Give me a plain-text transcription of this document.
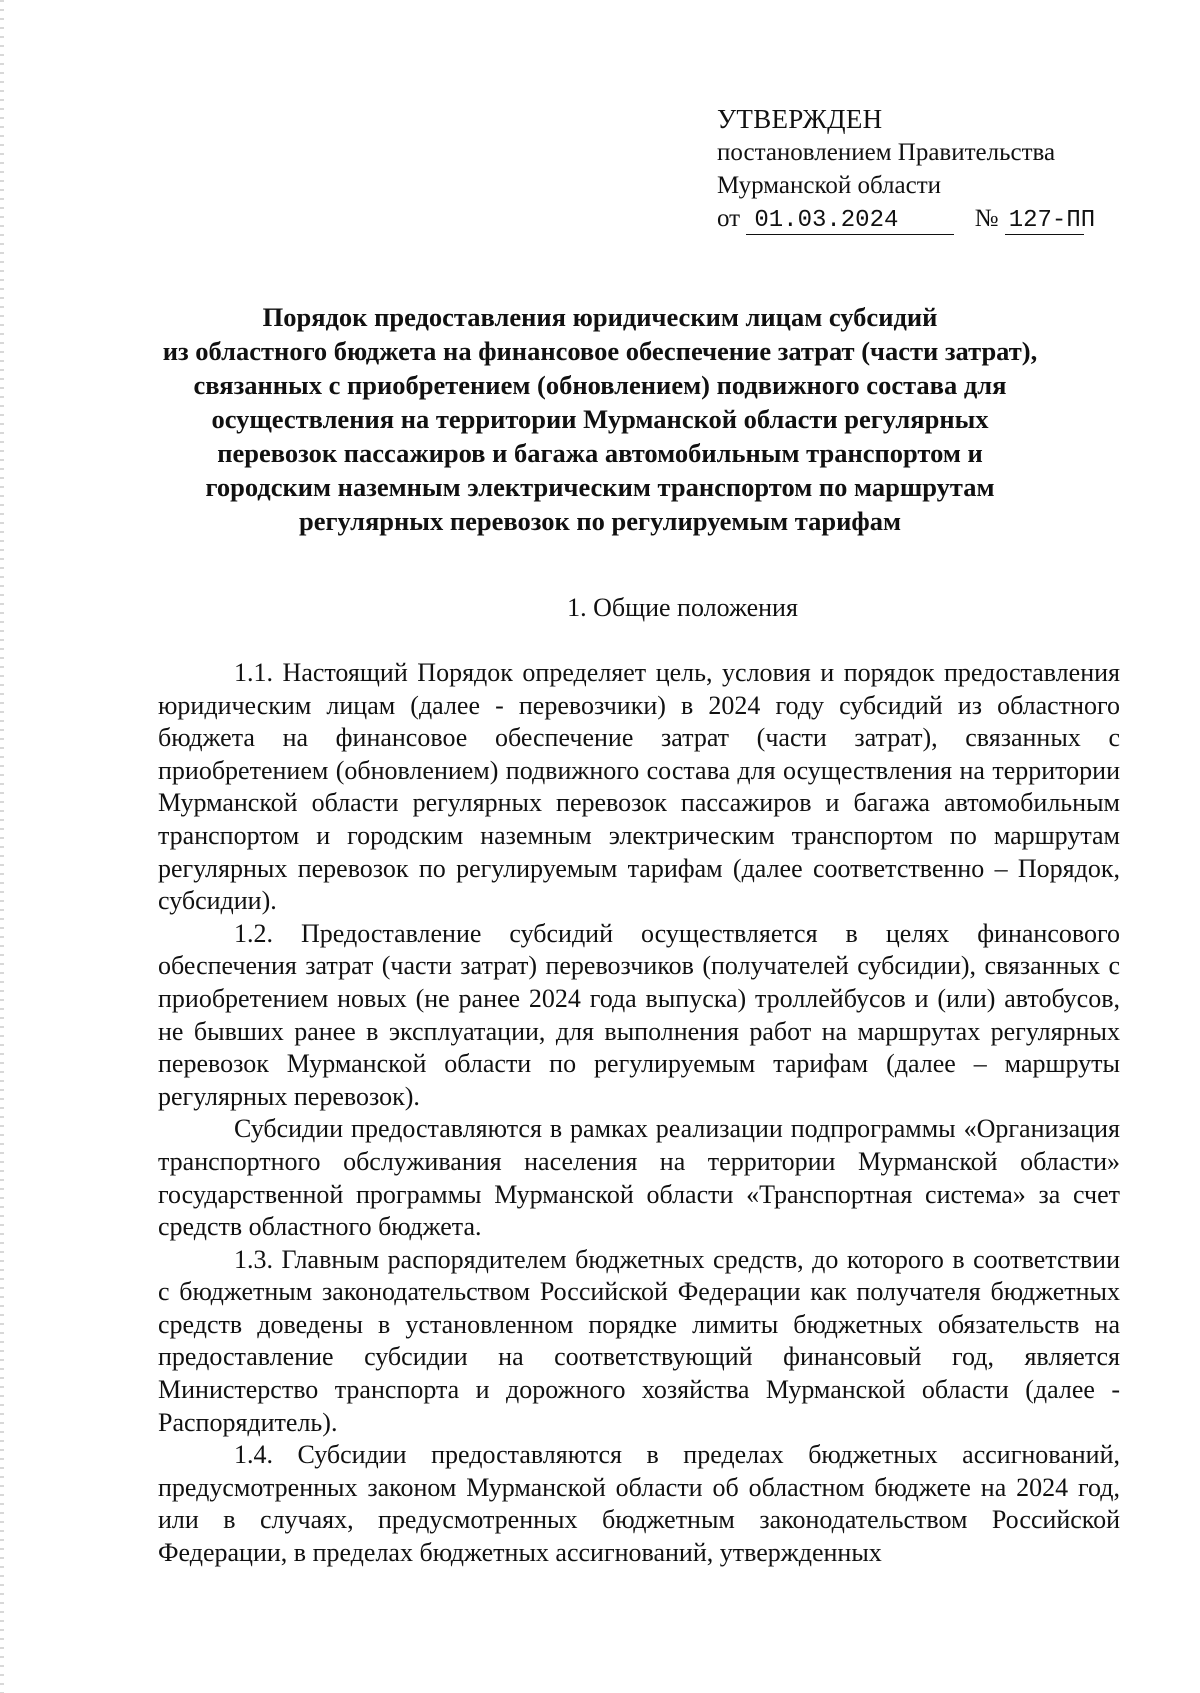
УТВЕРЖДЕН
постановлением Правительства
Мурманской области
от 01.03.2024	№ 127-ПП
Порядок предоставления юридическим лицам субсидий
из областного бюджета на финансовое обеспечение затрат (части затрат),
связанных с приобретением (обновлением) подвижного состава для
осуществления на территории Мурманской области регулярных
перевозок пассажиров и багажа автомобильным транспортом и
городским наземным электрическим транспортом по маршрутам
регулярных перевозок по регулируемым тарифам
1. Общие положения

1.1. Настоящий Порядок определяет цель, условия и порядок предоставления юридическим лицам (далее - перевозчики) в 2024 году субсидий из областного бюджета на финансовое обеспечение затрат (части затрат), связанных с приобретением (обновлением) подвижного состава для осуществления на территории Мурманской области регулярных перевозок пассажиров и багажа автомобильным транспортом и городским наземным электрическим транспортом по маршрутам регулярных перевозок по регулируемым тарифам (далее соответственно – Порядок, субсидии).

1.2. Предоставление субсидий осуществляется в целях финансового обеспечения затрат (части затрат) перевозчиков (получателей субсидии), связанных с приобретением новых (не ранее 2024 года выпуска) троллейбусов и (или) автобусов, не бывших ранее в эксплуатации, для выполнения работ на маршрутах регулярных перевозок Мурманской области по регулируемым тарифам (далее – маршруты регулярных перевозок).

Субсидии предоставляются в рамках реализации подпрограммы «Организация транспортного обслуживания населения на территории Мурманской области» государственной программы Мурманской области «Транспортная система» за счет средств областного бюджета.

1.3. Главным распорядителем бюджетных средств, до которого в соответствии с бюджетным законодательством Российской Федерации как получателя бюджетных средств доведены в установленном порядке лимиты бюджетных обязательств на предоставление субсидии на соответствующий финансовый год, является Министерство транспорта и дорожного хозяйства Мурманской области (далее - Распорядитель).

1.4. Субсидии предоставляются в пределах бюджетных ассигнований, предусмотренных законом Мурманской области об областном бюджете на 2024 год, или в случаях, предусмотренных бюджетным законодательством Российской Федерации, в пределах бюджетных ассигнований, утвержденных
